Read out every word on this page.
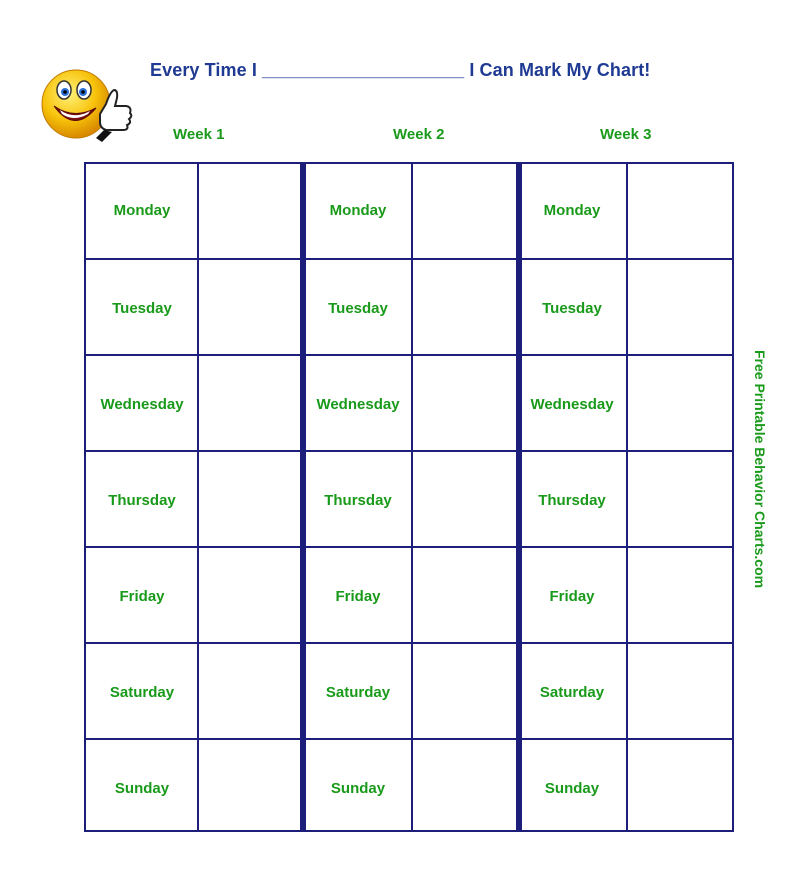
Every Time I ____________________ I Can Mark My Chart!
Week 1	Week 2	Week 3
Monday	Monday	Monday
Tuesday	Tuesday	Tuesday
Wednesday	Wednesday	Wednesday
Thursday	Thursday	Thursday
Friday	Friday	Friday
Saturday	Saturday	Saturday
Sunday	Sunday	Sunday
Free Printable Behavior Charts.com
